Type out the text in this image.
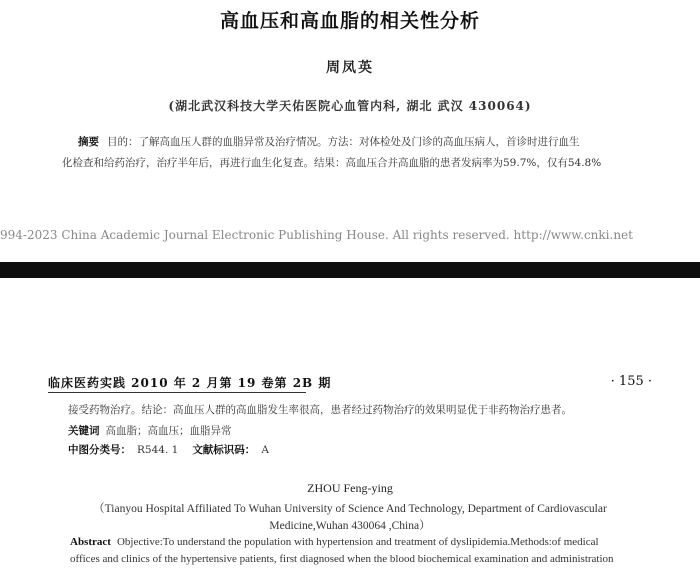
高血压和高血脂的相关性分析
周凤英
(湖北武汉科技大学天佑医院心血管内科, 湖北 武汉 430064)
摘要 目的：了解高血压人群的血脂异常及治疗情况。方法：对体检处及门诊的高血压病人，首诊时进行血生
化检查和给药治疗，治疗半年后，再进行血生化复查。结果：高血压合并高血脂的患者发病率为59.7%，仅有54.8%
994-2023 China Academic Journal Electronic Publishing House. All rights reserved. http://www.cnki.net
临床医药实践 2010 年 2 月第 19 卷第 2B 期	· 155 ·
接受药物治疗。结论：高血压人群的高血脂发生率很高，患者经过药物治疗的效果明显优于非药物治疗患者。
关键词 高血脂；高血压；血脂异常
中图分类号： R544. 1 文献标识码： A
ZHOU Feng-ying
（Tianyou Hospital Affiliated To Wuhan University of Science And Technology, Department of Cardiovascular
Medicine,Wuhan 430064 ,China）
Abstract Objective:To understand the population with hypertension and treatment of dyslipidemia.Methods:of medical
offices and clinics of the hypertensive patients, first diagnosed when the blood biochemical examination and administration
